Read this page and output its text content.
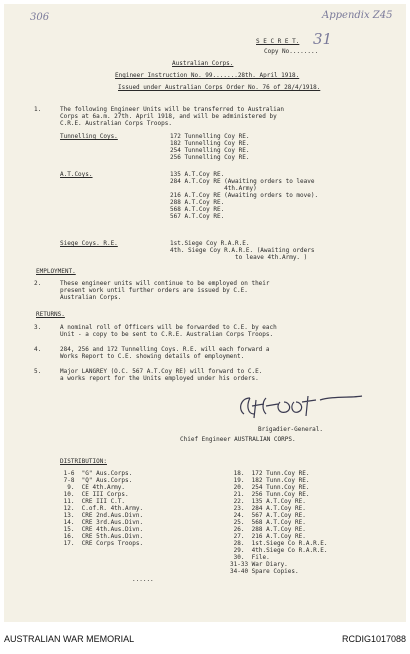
306	Appendix Z45
31
S E C R E T.
Copy No........
Australian Corps.
Engineer Instruction No. 99.......28th. April 1918.
Issued under Australian Corps Order No. 76 of 28/4/1918.
1.	The following Engineer Units will be transferred to Australian
Corps at 6a.m. 27th. April 1918, and will be administered by
C.R.E. Australian Corps Troops.
Tunnelling Coys.	172 Tunnelling Coy RE.
182 Tunnelling Coy RE.
254 Tunnelling Coy RE.
256 Tunnelling Coy RE.
A.T.Coys.	135 A.T.Coy RE.
284 A.T.Coy RE (Awaiting orders to leave
4th.Army)
216 A.T.Coy RE (Awaiting orders to move).
288 A.T.Coy RE.
568 A.T.Coy RE.
567 A.T.Coy RE.
Siege Coys. R.E.	1st.Siege Coy R.A.R.E.
4th. Siege Coy R.A.R.E. (Awaiting orders
to leave 4th.Army. )
EMPLOYMENT.
2.	These engineer units will continue to be employed on their
present work until further orders are issued by C.E.
Australian Corps.
RETURNS.
3.	A nominal roll of Officers will be forwarded to C.E. by each
Unit - a copy to be sent to C.R.E. Australian Corps Troops.
4.	284, 256 and 172 Tunnelling Coys. R.E. will each forward a
Works Report to C.E. showing details of employment.
5.	Major LANGREY (O.C. 567 A.T.Coy RE) will forward to C.E.
a works report for the Units employed under his orders.
Brigadier-General.
Chief Engineer AUSTRALIAN CORPS.
DISTRIBUTION:
1-6  "G" Aus.Corps.
7-8  "Q" Aus.Corps.
9.  CE 4th.Army.
10.  CE III Corps.
11.  CRE III C.T.
12.  C.of.R. 4th.Army.
13.  CRE 2nd.Aus.Divn.
14.  CRE 3rd.Aus.Divn.
15.  CRE 4th.Aus.Divn.
16.  CRE 5th.Aus.Divn.
17.  CRE Corps Troops.
18.  172 Tunn.Coy RE.
19.  182 Tunn.Coy RE.
20.  254 Tunn.Coy RE.
21.  256 Tunn.Coy RE.
22.  135 A.T.Coy RE.
23.  284 A.T.Coy RE.
24.  567 A.T.Coy RE.
25.  568 A.T.Coy RE.
26.  288 A.T.Coy RE.
27.  216 A.T.Coy RE.
28.  1st.Siege Co R.A.R.E.
29.  4th.Siege Co R.A.R.E.
30.  File.
31-33 War Diary.
34-40 Spare Copies.
......
AUSTRALIAN WAR MEMORIAL	RCDIG1017088
